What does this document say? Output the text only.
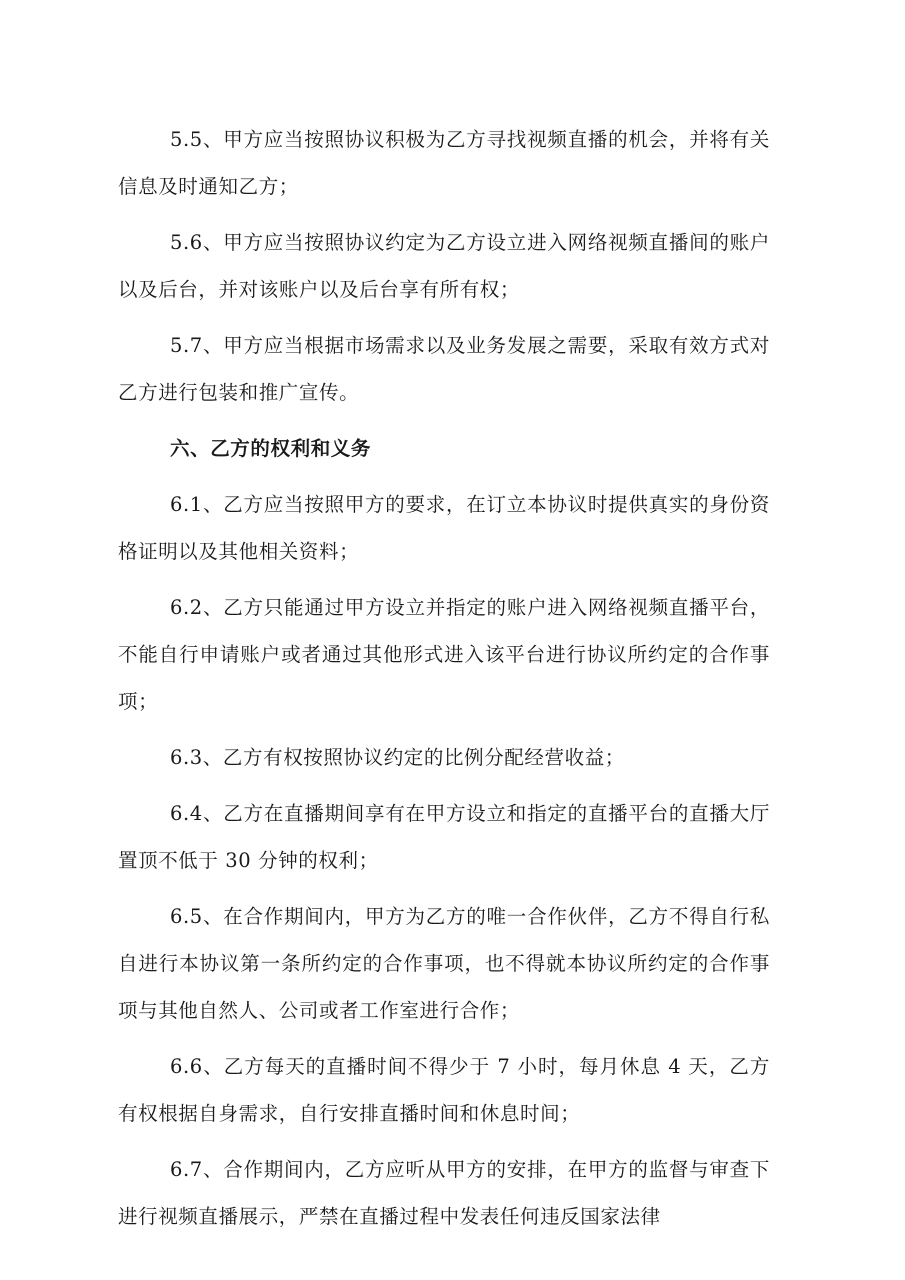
5.5、甲方应当按照协议积极为乙方寻找视频直播的机会，并将有关信息及时通知乙方；

5.6、甲方应当按照协议约定为乙方设立进入网络视频直播间的账户以及后台，并对该账户以及后台享有所有权；

5.7、甲方应当根据市场需求以及业务发展之需要，采取有效方式对乙方进行包装和推广宣传。

六、乙方的权利和义务

6.1、乙方应当按照甲方的要求，在订立本协议时提供真实的身份资格证明以及其他相关资料；

6.2、乙方只能通过甲方设立并指定的账户进入网络视频直播平台，不能自行申请账户或者通过其他形式进入该平台进行协议所约定的合作事项；

6.3、乙方有权按照协议约定的比例分配经营收益；

6.4、乙方在直播期间享有在甲方设立和指定的直播平台的直播大厅置顶不低于 30 分钟的权利；

6.5、在合作期间内，甲方为乙方的唯一合作伙伴，乙方不得自行私自进行本协议第一条所约定的合作事项，也不得就本协议所约定的合作事项与其他自然人、公司或者工作室进行合作；

6.6、乙方每天的直播时间不得少于 7 小时，每月休息 4 天，乙方有权根据自身需求，自行安排直播时间和休息时间；

6.7、合作期间内，乙方应听从甲方的安排，在甲方的监督与审查下进行视频直播展示，严禁在直播过程中发表任何违反国家法律
